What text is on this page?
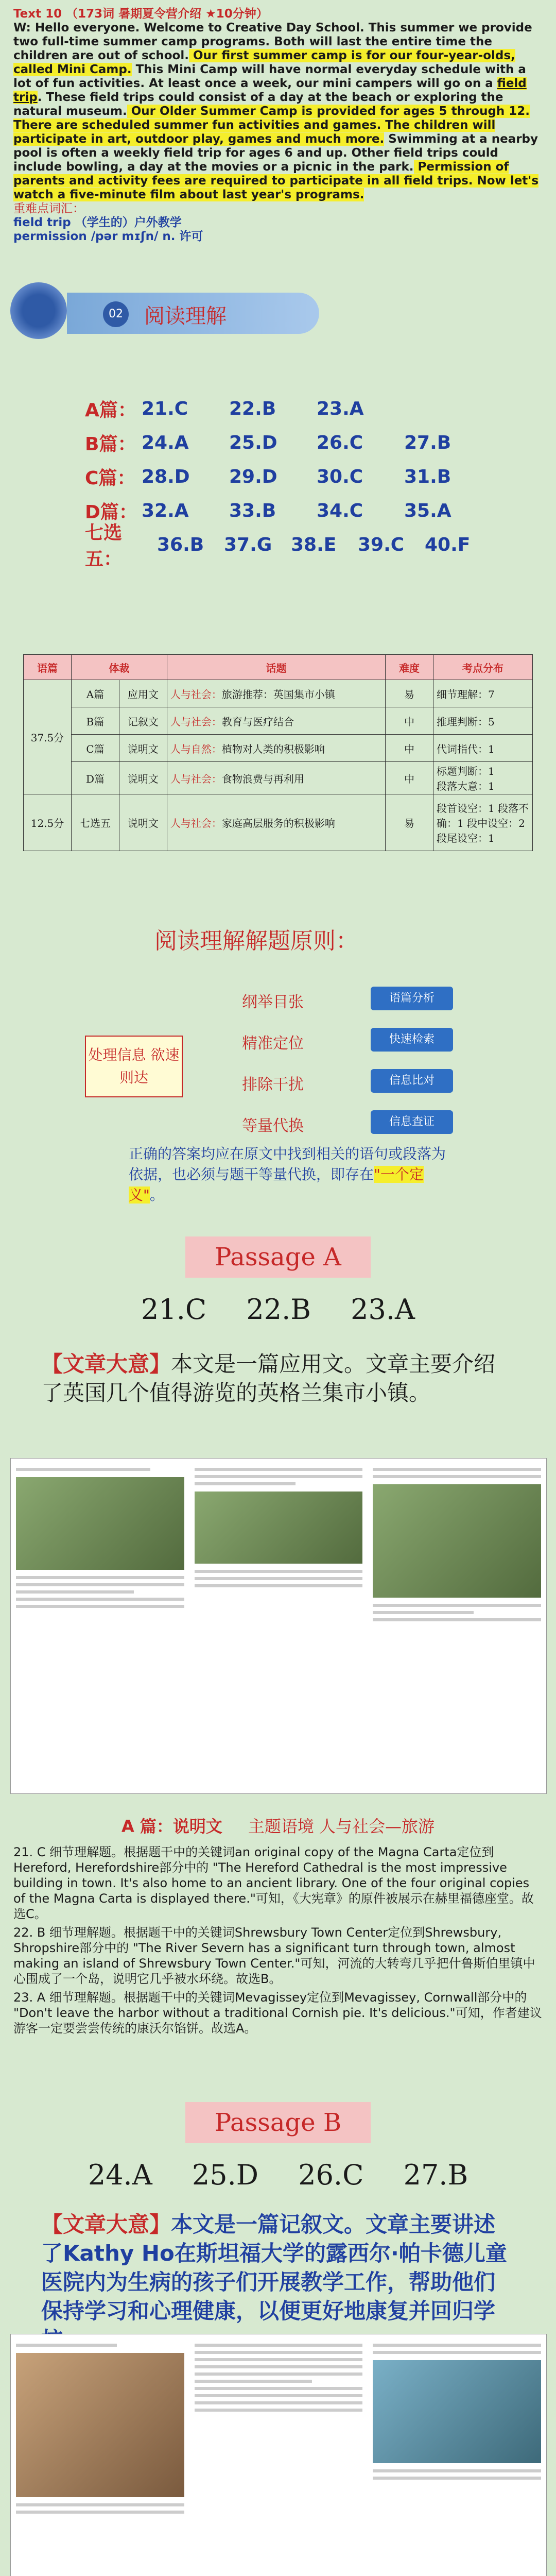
Text 10 （173词 暑期夏令营介绍 ★10分钟）

W: Hello everyone. Welcome to Creative Day School. This summer we provide two full-time summer camp programs. Both will last the entire time the children are out of school. Our first summer camp is for our four-year-olds, called Mini Camp. This Mini Camp will have normal everyday schedule with a lot of fun activities. At least once a week, our mini campers will go on a field trip. These field trips could consist of a day at the beach or exploring the natural museum. Our Older Summer Camp is provided for ages 5 through 12. There are scheduled summer fun activities and games. The children will participate in art, outdoor play, games and much more. Swimming at a nearby pool is often a weekly field trip for ages 6 and up. Other field trips could include bowling, a day at the movies or a picnic in the park. Permission of parents and activity fees are required to participate in all field trips. Now let's watch a five-minute film about last year's programs.

重难点词汇：

field trip （学生的）户外教学

permission /pər mɪʃn/ n. 许可

02 阅读理解
A篇： 21.C	22.B	23.A
B篇： 24.A	25.D	26.C	27.B
C篇： 28.D	29.D	30.C	31.B
D篇： 32.A	33.B	34.C	35.A
七选五：
36.B	37.G	38.E	39.C	40.F
语篇	体裁		话题	难度	考点分布
37.5分	A篇	应用文	人与社会：旅游推荐：英国集市小镇	易	细节理解：7
	B篇	记叙文	人与社会：教育与医疗结合	中	推理判断：5
	C篇	说明文	人与自然：植物对人类的积极影响	中	代词指代：1
	D篇	说明文	人与社会：食物浪费与再利用	中	标题判断：1
段落大意：1
12.5分	七选五	说明文	人与社会：家庭高层服务的积极影响	易	段首设空：1 段落不确：1 段中设空：2 段尾设空：1
阅读理解解题原则：
处理信息 欲速则达
纲举目张
精准定位
排除干扰
等量代换
语篇分析
快速检索
信息比对
信息查证
正确的答案均应在原文中找到相关的语句或段落为依据，也必须与题干等量代换，即存在"一个定义"。
Passage A
21.C 22.B 23.A
【文章大意】本文是一篇应用文。文章主要介绍了英国几个值得游览的英格兰集市小镇。
A 篇：说明文 主题语境 人与社会—旅游

21. C 细节理解题。根据题干中的关键词an original copy of the Magna Carta定位到Hereford, Herefordshire部分中的 "The Hereford Cathedral is the most impressive building in town. It's also home to an ancient library. One of the four original copies of the Magna Carta is displayed there."可知，《大宪章》的原件被展示在赫里福德座堂。故选C。

22. B 细节理解题。根据题干中的关键词Shrewsbury Town Center定位到Shrewsbury, Shropshire部分中的 "The River Severn has a significant turn through town, almost making an island of Shrewsbury Town Center."可知，河流的大转弯几乎把什鲁斯伯里镇中心围成了一个岛，说明它几乎被水环绕。故选B。

23. A 细节理解题。根据题干中的关键词Mevagissey定位到Mevagissey, Cornwall部分中的 "Don't leave the harbor without a traditional Cornish pie. It's delicious."可知，作者建议游客一定要尝尝传统的康沃尔馅饼。故选A。

Passage B
24.A 25.D 26.C 27.B
【文章大意】本文是一篇记叙文。文章主要讲述了Kathy Ho在斯坦福大学的露西尔·帕卡德儿童医院内为生病的孩子们开展教学工作，帮助他们保持学习和心理健康，以便更好地康复并回归学
